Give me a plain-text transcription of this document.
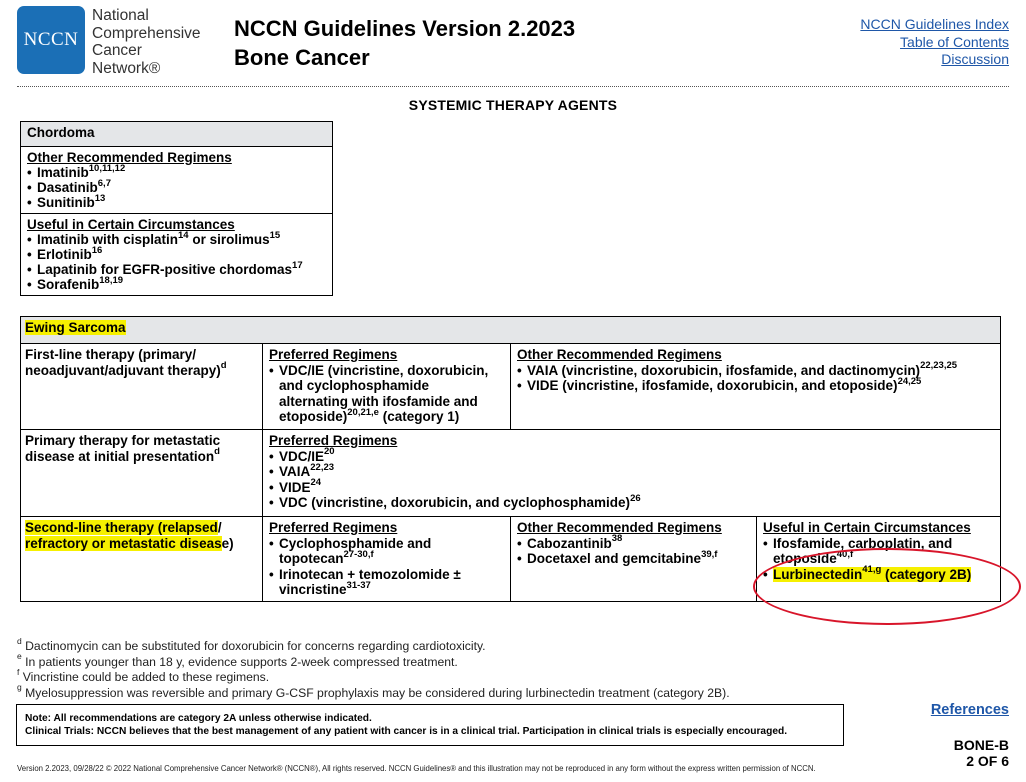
NCCN
National
Comprehensive
Cancer
Network®
NCCN Guidelines Version 2.2023
Bone Cancer
NCCN Guidelines Index
Table of Contents
Discussion
SYSTEMIC THERAPY AGENTS
Chordoma
Other Recommended Regimens
• Imatinib$^{10,11,12}$
• Dasatinib$^{6,7}$
• Sunitinib$^{13}$
Useful in Certain Circumstances
• Imatinib with cisplatin$^{14}$ or sirolimus$^{15}$
• Erlotinib$^{16}$
• Lapatinib for EGFR-positive chordomas$^{17}$
• Sorafenib$^{18,19}$
Ewing Sarcoma
First-line therapy (primary/
neoadjuvant/adjuvant therapy)$^d$
Preferred Regimens
• VDC/IE (vincristine, doxorubicin,
and cyclophosphamide
alternating with ifosfamide and
etoposide)$^{20,21,e}$ (category 1)
Other Recommended Regimens
• VAIA (vincristine, doxorubicin, ifosfamide, and dactinomycin)$^{22,23,25}$
• VIDE (vincristine, ifosfamide, doxorubicin, and etoposide)$^{24,25}$
Primary therapy for metastatic
disease at initial presentation$^d$
Preferred Regimens
• VDC/IE$^{20}$
• VAIA$^{22,23}$
• VIDE$^{24}$
• VDC (vincristine, doxorubicin, and cyclophosphamide)$^{26}$
Second-line therapy (relapsed/
refractory or metastatic disease)
Preferred Regimens
• Cyclophosphamide and
topotecan$^{27-30,f}$
• Irinotecan + temozolomide ±
vincristine$^{31-37}$
Other Recommended Regimens
• Cabozantinib$^{38}$
• Docetaxel and gemcitabine$^{39,f}$
Useful in Certain Circumstances
• Ifosfamide, carboplatin, and
etoposide$^{40,f}$
• Lurbinectedin$^{41,g}$ (category 2B)
$^d$ Dactinomycin can be substituted for doxorubicin for concerns regarding cardiotoxicity.
$^e$ In patients younger than 18 y, evidence supports 2-week compressed treatment.
$^f$ Vincristine could be added to these regimens.
$^g$ Myelosuppression was reversible and primary G-CSF prophylaxis may be considered during lurbinectedin treatment (category 2B).
Note: All recommendations are category 2A unless otherwise indicated.
Clinical Trials: NCCN believes that the best management of any patient with cancer is in a clinical trial. Participation in clinical trials is especially encouraged.
References
BONE-B
2 OF 6
Version 2.2023, 09/28/22 © 2022 National Comprehensive Cancer Network® (NCCN®), All rights reserved. NCCN Guidelines® and this illustration may not be reproduced in any form without the express written permission of NCCN.
